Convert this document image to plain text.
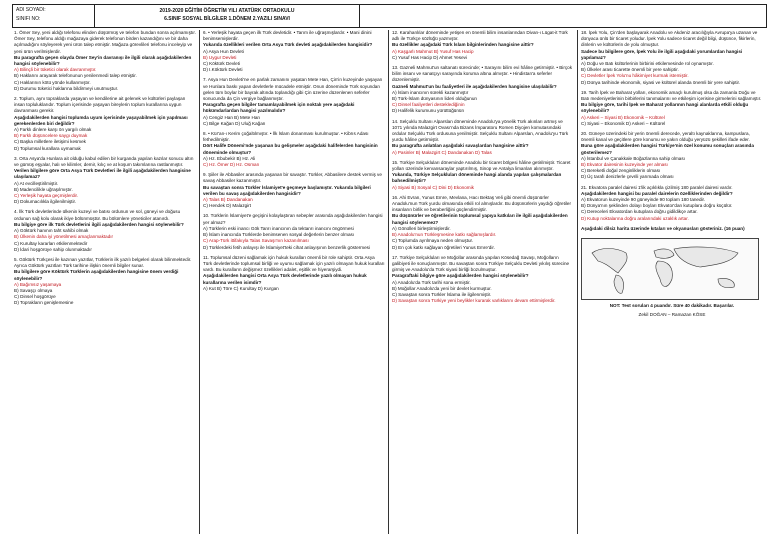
ADI SOYADI:
SINIFI NO:
2019-2020 EĞİTİM ÖĞRETİM YILI ATATÜRK ORTAOKULU
6.SINIF SOSYAL BİLGİLER 1.DÖNEM 2.YAZILI SINAVI

1. Ömer Sey, yeni aldığı telefonu elinden düşürmüş ve telefon bundan sonra açılmamıştır. Ömer Sey, telefonu aldığı mağazaya giderek telefonun birden kazandığını ve bir daha açılmadığını söyleyerek yeni ürün talep etmiştir. Mağaza görevlileri telefonu inceleyip ve yeni ürün verilmişlerdir.

Bu paragrafta geçen olayda Ömer Sey'in davranışı ile ilgili olarak aşağıdakilerden hangisi söylenebilir?

A) Bilinçli bir tüketici olarak davranmıştır.

B) Haklarını arayarak telefonunun yenilenmedi talep etmiştir.

C) Haklarının kötü yönde kullanmıştır.

D) Durumu tüketici haklarına bildirmeyi unutmuştur.

2. Toplum, aynı topraklarda yaşayan ve kendilerine ait gelenek ve kültürleri paylaşan insan topluluklarıdır. Toplum içerisinde yaşayan bireylerin toplum kurallarına uygun davranması gerekir.

Aşağıdakilerden hangisi toplumda uyum içerisinde yaşayabilmek için yapılması gerekenlerden biri değildir?

A) Farklı dinlere karşı ön yargılı olmak

B) Farklı düşüncelere saygı duymak

C) Başka milletlere iletişimi kesmek

D) Toplumsal kurallara uymamak

3. Orta Asya'da Hunlara ait olduğu kabul edilen bir kurganda yapılan kazılar sonucu altın ve gümüş eşyalar, halı ve kilimler, demir, kılıç ve at koşum takımlarına rastlanmıştır.

Verilen bilgilere göre Orta Asya Türk Devletleri ile ilgili aşağıdakilerden hangisine ulaşılamaz?

A) At evcilleştirilmiştir.

B) Madencilikle uğraşılmıştır.

C) Yerleşik hayata geçmişlerdir.

D) Dokumacılıkla ilgilenilmiştir.

4. İlk Türk devletlerinde ülkenin kuzeyi ve batısı ordunun ve sol, güneyi ve doğusu ordunun sağ kolu olarak ikiye bölünmüştür. Bu bölümlere yöneticiler atanırdı.

Bu bilgiye göre ilk Türk devletlerini ilgili aşağıdakilerden hangisi söylenebilir?

A) Göktürk hanının taht sahibi olmak

B) Ülkenin daha iyi yönetilmesi amaçlanmaktadır

C) Kurultay kararları etkilenmektedir

D) İdari hoşgörüye sahip olunmaktadır

5. Göktürk Türkçesi ile kazınan yazıtlar, Türklerin ilk yazılı belgeleri olarak bilinmektedir. Ayrıca Göktürk yazıtları Türk tarihine ilişkin önemli bilgiler sunar.

Bu bilgilere göre Köktürk Türklerin aşağıdakilerden hangisine önem verdiği söylenebilir?

A) Bağımsız yaşamaya

B) Savaşçı olmaya

C) Dinsel hoşgörüye

D) Toprakların genişlemesine

6. • Yerleşik hayata geçen ilk Türk devletidir. • Tarım ile uğraşmışlardır. • Mani dinini benimsemişlerdir.

Yukarıda özellikleri verilen Orta Asya Türk devleti aşağıdakilerden hangisidir?

A) Asya Hun Devleti

B) Uygur Devleti

C) Köktürk Devleti

D) I.Köktürk Devleti

7. Asya Hun Devleti'ne en parlak zamanını yaşatan Mete Han, Çin'in kuzeyinde yaşayan ve Hunlara baskı yapan devletlerle mücadele etmiştir. Onun döneminde Türk soyundan gelen tüm boylar bir bayrak altında toplandığı gibi Çin üzerine düzenlenen seferler sonucunda da Çin vergiye bağlanmıştır.

Paragrafta geçen bilgiler tamamlayabilmek için noktalı yere aşağıdaki hükümdarlardan hangisi yazılmalıdır?

A) Cengiz Han B) Mete Han

C) Bilge Kağan D) Uluğ Kağan

8. • Kür'an-ı Kerim çoğaltılmıştır. • İlk İslam donanması kurulmuştur. • Kibrıs Adası fethedilmiştir.

Dört Halife Dönemi'nde yaşanan bu gelişmeler aşağıdaki halifelerden hangisinin döneminde olmuştur?

A) Hz. Ebubekir B) Hz. Ali

C) Hz. Ömer D) Hz. Osman

9. Şiiler ile Abbasiler arasında yaşanan bir savaştır. Türkler, Abbasilere destek vermiş ve savaş Abbasiler kazanmıştır.

Bu savaştan sonra Türkler İslamiyet'e geçmeye başlamıştır. Yukarıda bilgileri verilen bu savaş aşağıdakilerden hangisidir?

A) Talas B) Dandanakan

C) Hendek D) Malazgirt

10. Türklerin İslamiyet'e geçişini kolaylaştıran sebepler arasında aşağıdakilerden hangisi yer almaz?

A) Türklerin eski inancı Gök Tanrı inancının da tektanrı inancını öngörmesi

B) İslam inancında Türklerde benimsenen sosyal değerlerin benzer olması

C) Arap-Türk ittifakıyla Talas Savaşı'nın kazanılması

D) Türklerdeki fetih anlayışı ile İslamiyet'teki cihat anlayışının benzerlik göstermesi

11. Toplumsal düzeni sağlamak için hukuk kuralları önemli bir role sahiptir. Orta Asya Türk devletlerinde toplumsal birliği ve uyumu sağlamak için yazılı olmayan hukuk kuralları vardı. Bu kuralların değişmez özellikleri adalet, eşitlik ve hiyerarşiydi.

Aşağıdakilerden hangisi Orta Asya Türk devletlerinde yazılı olmayan hukuk kurallarına verilen isimdir?

A) Kut B) Töre C) Kurultay D) Kurgan

12. Karahanlılar döneminde yetişen en önemli bilim insanlarından Divan-ı Lügat-it Türk adlı ile Türkçe sözlüğü yazmıştır.

Bu özellikler aşağıdaki Türk İslam bilginlerinden hangisine aittir?

A) Kaşgarlı Mahmut B) Yusuf Has Hacip

C) Yusuf Has Hacip D) Ahmet Yesevi

13. Gazneli Mahmut'un saltanatı sürecinde; • Sarayını bilim evi hâline getirmiştir. • Birçok bilim insanı ve sanatçıyı sarayında koruma altına almıştır. • Hindistan'a seferler düzenlemiştir.

Gazneli Mahmut'un bu faaliyetleri ile aşağıdakilerden hangisine ulaşılabilir?

A) İslam inancının sürekli kazanmıştır

B) Türk-İslam dünyasının lideri olduğunun

C) Dinsel faaliyetleri desteklediğinin

D) Halifelik kurumunu yürüttüğünün

14. Selçuklu Sultanı Alparslan döneminde Anadolu'ya yönelik Türk akınları artmış ve 1071 yılında Malazgirt Ovası'nda Bizans İmparatoru Romen Diyojen komutasındaki ordular Selçuklu Türk ordusuna yenilmiştir. Selçuklu Sultanı Alparslan, Anadolu'yu Türk yurdu hâline getirmiştir.

Bu paragrafta anlatılan aşağıdaki savaşlardan hangisine aittir?

A) Pasinler B) Malazgirt C) Dandanakan D) Talas

15. Türkiye Selçukluları döneminde Anadolu bir ticaret bölgesi hâline getirilmiştir. Ticaret yolları üzerinde kervansaraylar yaptırılmış, Sinop ve Antalya limanları alınmıştır.

Yukarıda, Türkiye Selçukluları döneminde hangi alanda yapılan çalışmalardan bahsedilmiştir?

A) Siyasi B) Sosyal C) Dini D) Ekonomik

16. Ahi Evran, Yunus Emre, Mevlana, Hacı Bektaş Veli gibi önemli düşünürler Anadolu'nun Türk yurdu olmasında etkili rol almışlardır. Bu düşünürlerin yaydığı öğretiler insanların birlik ve beraberliğini güçlendirmiştir.

Bu düşünürler ve öğretilerinin toplumsal yapıya katkıları ile ilgili aşağıdakilerden hangisi söylenemez?

A) Gönülleri birleştirmişlerdir.

B) Anadolu'nun Türkleşmesine katkı sağlamışlardır.

C) Toplumda ayrılmaya neden olmuştur.

D) En çok katkı sağlayan öğretileri Yunus Emre'dir.

17. Türkiye Selçukluları ve Moğollar arasında yapılan Kösedağ Savaşı, Moğolların galibiyeti ile sonuçlanmıştır. Bu savaştan sonra Türkiye Selçuklu Devleti yıkılış sürecine girmiş ve Anadolu'da Türk siyasi birliği bozulmuştur.

Paragraftaki bilgiye göre aşağıdakilerden hangisi söylenebilir?

A) Anadolu'da Türk tarihi sona ermiştir.

B) Moğollar Anadolu'da yeni bir devlet kurmuştur.

C) Savaştan sonra Türkler İslama ile ilgilenmiştir.

D) Savaştan sonra Türkiye yeni beylikler kurarak varlıklarını devam ettirmişlerdir.

18. İpek Yolu, Çin'den başlayarak Anadolu ve Akdeniz aracılığıyla Avrupa'ya uzanan ve dünyaca ünlü bir ticaret yoludur. İpek Yolu sadece ticaret değil bilgi, düşünce, fikirlerin, dinlerin ve kültürlerin de yolu olmuştur.

Sadece bu bilgilere göre, İpek Yolu ile ilgili aşağıdaki yorumlardan hangisi yapılamaz?

A) Doğu ve Batı kültürlerinin birbirini etkilemesinde rol oynamıştır.

B) Ülkeler arası ticarette önemli bir yere sahiptir.

C) Devletler İpek Yolu'nu hâkimiyet kurmak istemiştir.

D) Dünya tarihinde ekonomik, siyasi ve kültürel alanda önemli bir yere sahiptir.

19. Tarih İpek ve Baharat yolları, ekonomik amaçlı kurulmuş olsa da zamanla Doğu ve Batı medeniyetlerinin birbirlerini tanımalarını ve etkileşim içerisine girmelerini sağlamıştır.

Bu bilgiye göre, tarihi İpek ve Baharat yollarının hangi alanlarda etkili olduğu söylenebilir?

A) Askeri – Siyasi B) Ekonomik – Kültürel

C) Siyasi – Ekonomik D) Askeri – Kültürel

20. Güneye üzerindeki bir yerin önemli derecede, yeraltı kaynaklarına, kampuslara, önemli kanal ve geçitlere göre konumu ve yakın olduğu yeryüzü şekilleri ifade eder.

Buna göre aşağıdakilerden hangisi Türkiye'nin özel konumu sonuçları arasında gösterilemez?

A) İstanbul ve Çanakkale Boğazlarına sahip olması

B) Ekvator dairesinin kuzeyinde yer alması

C) Bereketli doğal zenginliklerin olması

D) Üç tarafı denizlerle çevrili yarımada olması

21. Ekvatora paralel dairesi 1'lik açıklıkla çizilmiş 180 paralel dairesi vardır.

Aşağıdakilerden hangisi bu paralel dairelerin özelliklerinden değildir?

A) Ekvatorun kuzeyinde 90 güneyinde 90 toplam 180 tanedir.

B) Dünya'nın şeklinden dolayı boyları Ekvator'dan kutuplara doğru küçülür.

C) Dereceleri Ekvatordan kutuplara doğru gidildikçe artar.

D) Kutup noktalarına doğru aralarındaki uzaklık artar.

Aşağıdaki dilsiz harita üzerinde kıtaları ve okyanusları gösteriniz. (16 puan)

NOT: Test soruları 4 puandır. Süre 40 dakikadır. Başarılar.
Zekiİ DOĞAN – Ramazan KÖSE
